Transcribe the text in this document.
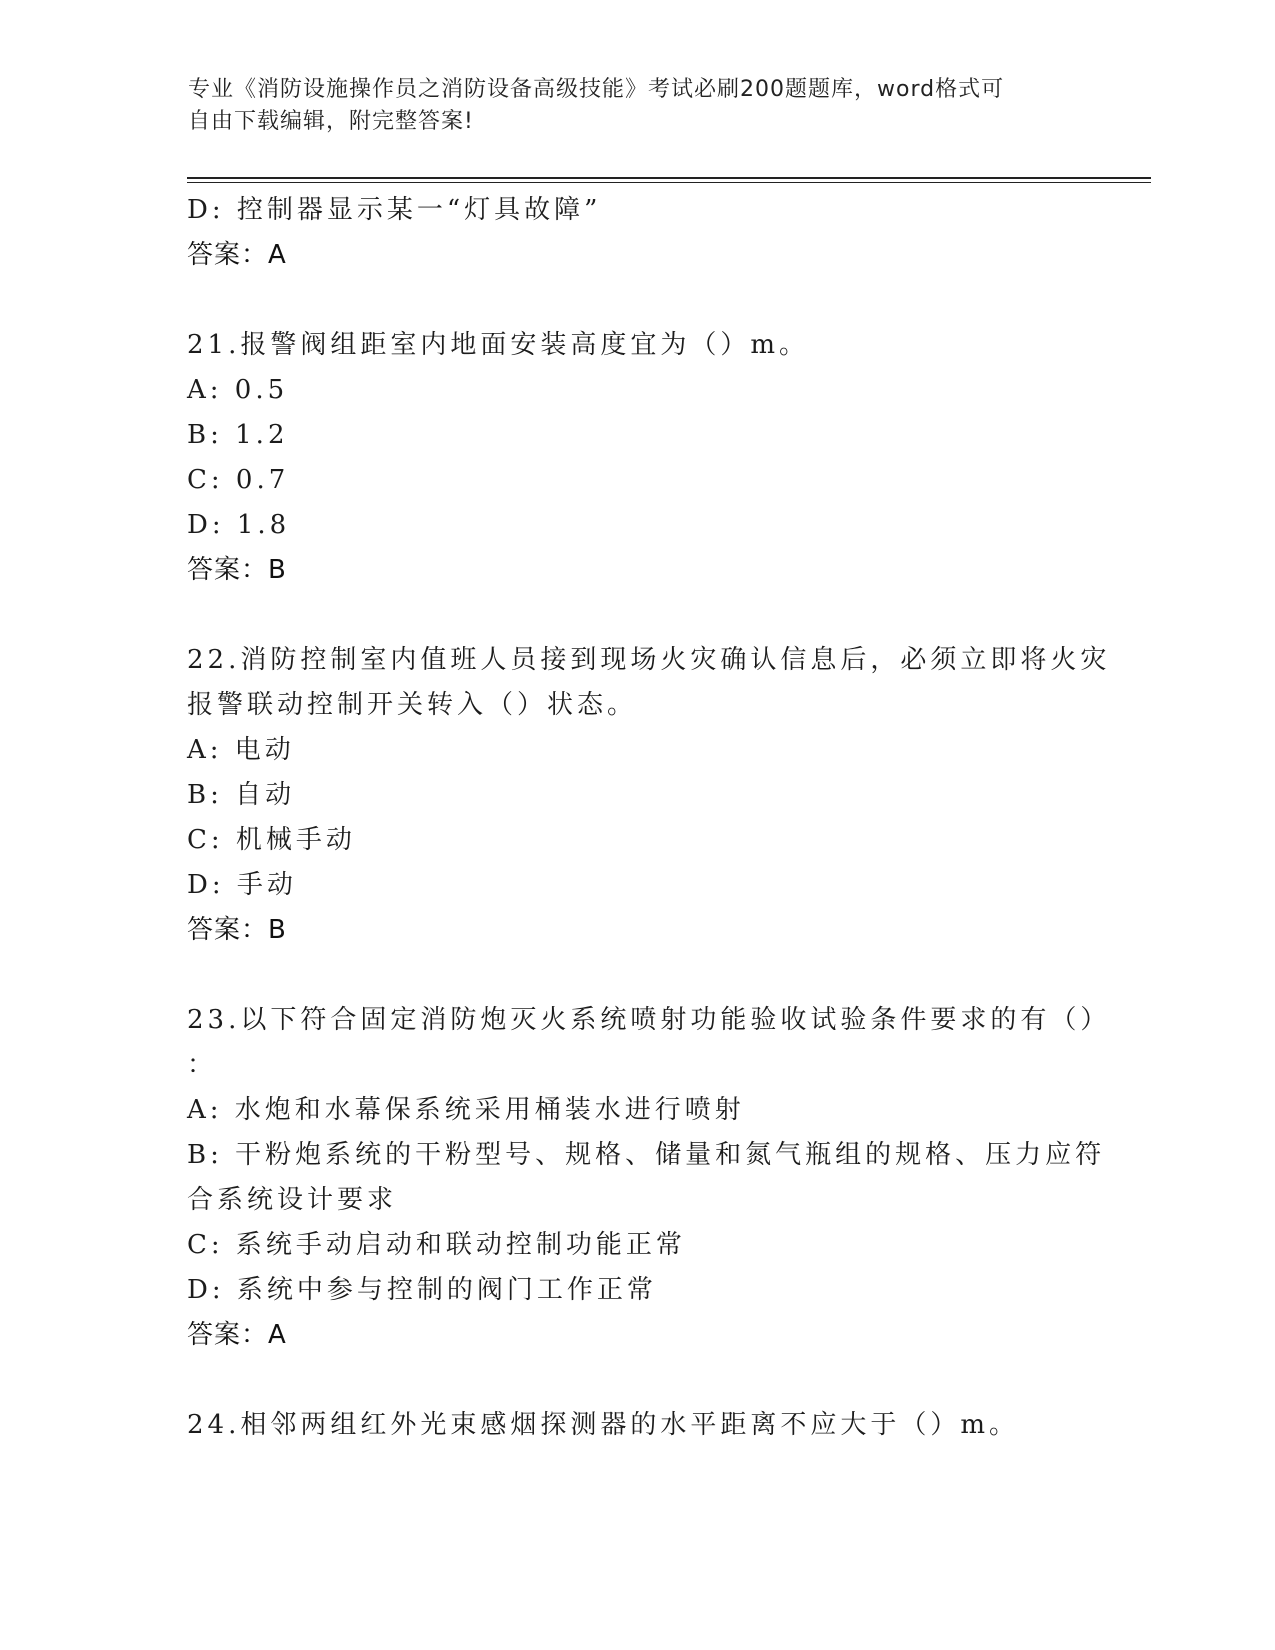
专业《消防设施操作员之消防设备高级技能》考试必刷200题题库，word格式可
自由下载编辑，附完整答案!
D: 控制器显示某一“灯具故障”
答案：A
21.报警阀组距室内地面安装高度宜为（）m。
A: 0.5
B: 1.2
C: 0.7
D: 1.8
答案：B
22.消防控制室内值班人员接到现场火灾确认信息后，必须立即将火灾
报警联动控制开关转入（）状态。
A: 电动
B: 自动
C: 机械手动
D: 手动
答案：B
23.以下符合固定消防炮灭火系统喷射功能验收试验条件要求的有（）
：
A: 水炮和水幕保系统采用桶装水进行喷射
B: 干粉炮系统的干粉型号、规格、储量和氮气瓶组的规格、压力应符
合系统设计要求
C: 系统手动启动和联动控制功能正常
D: 系统中参与控制的阀门工作正常
答案：A
24.相邻两组红外光束感烟探测器的水平距离不应大于（）m。
